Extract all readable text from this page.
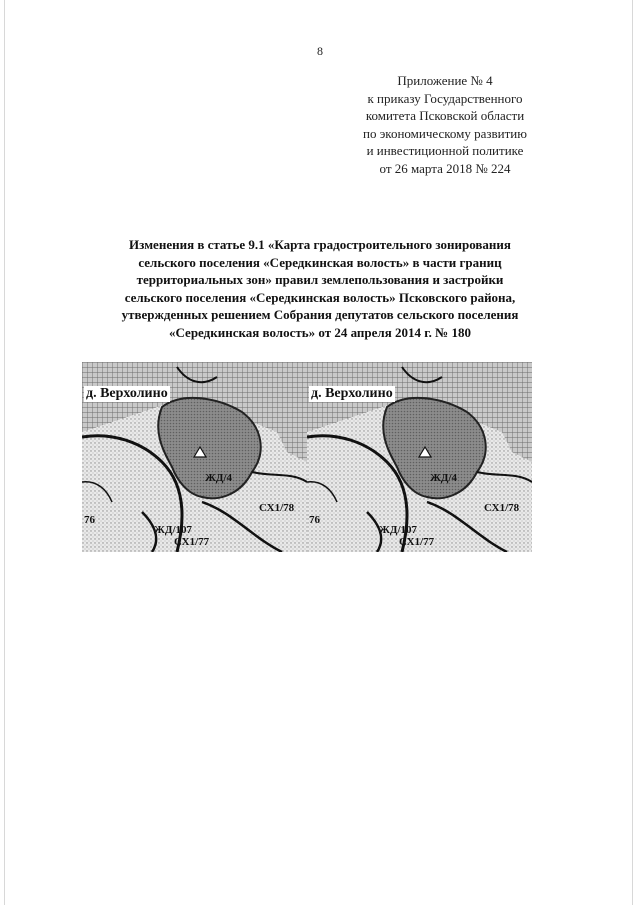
8
Приложение № 4
к приказу Государственного
комитета Псковской области
по экономическому развитию
и инвестиционной политике
от 26 марта 2018 № 224
Изменения в статье 9.1 «Карта градостроительного зонирования
сельского поселения «Середкинская волость» в части границ
территориальных зон» правил землепользования и застройки
сельского поселения «Середкинская волость» Псковского района,
утвержденных решением Собрания депутатов сельского поселения
«Середкинская волость» от 24 апреля 2014 г. № 180
д. Верхолино
ЖД/4
СХ1/78
76
ЖД/107
СХ1/77
д. Верхолино
ЖД/4
СХ1/78
76
ЖД/107
СХ1/77
